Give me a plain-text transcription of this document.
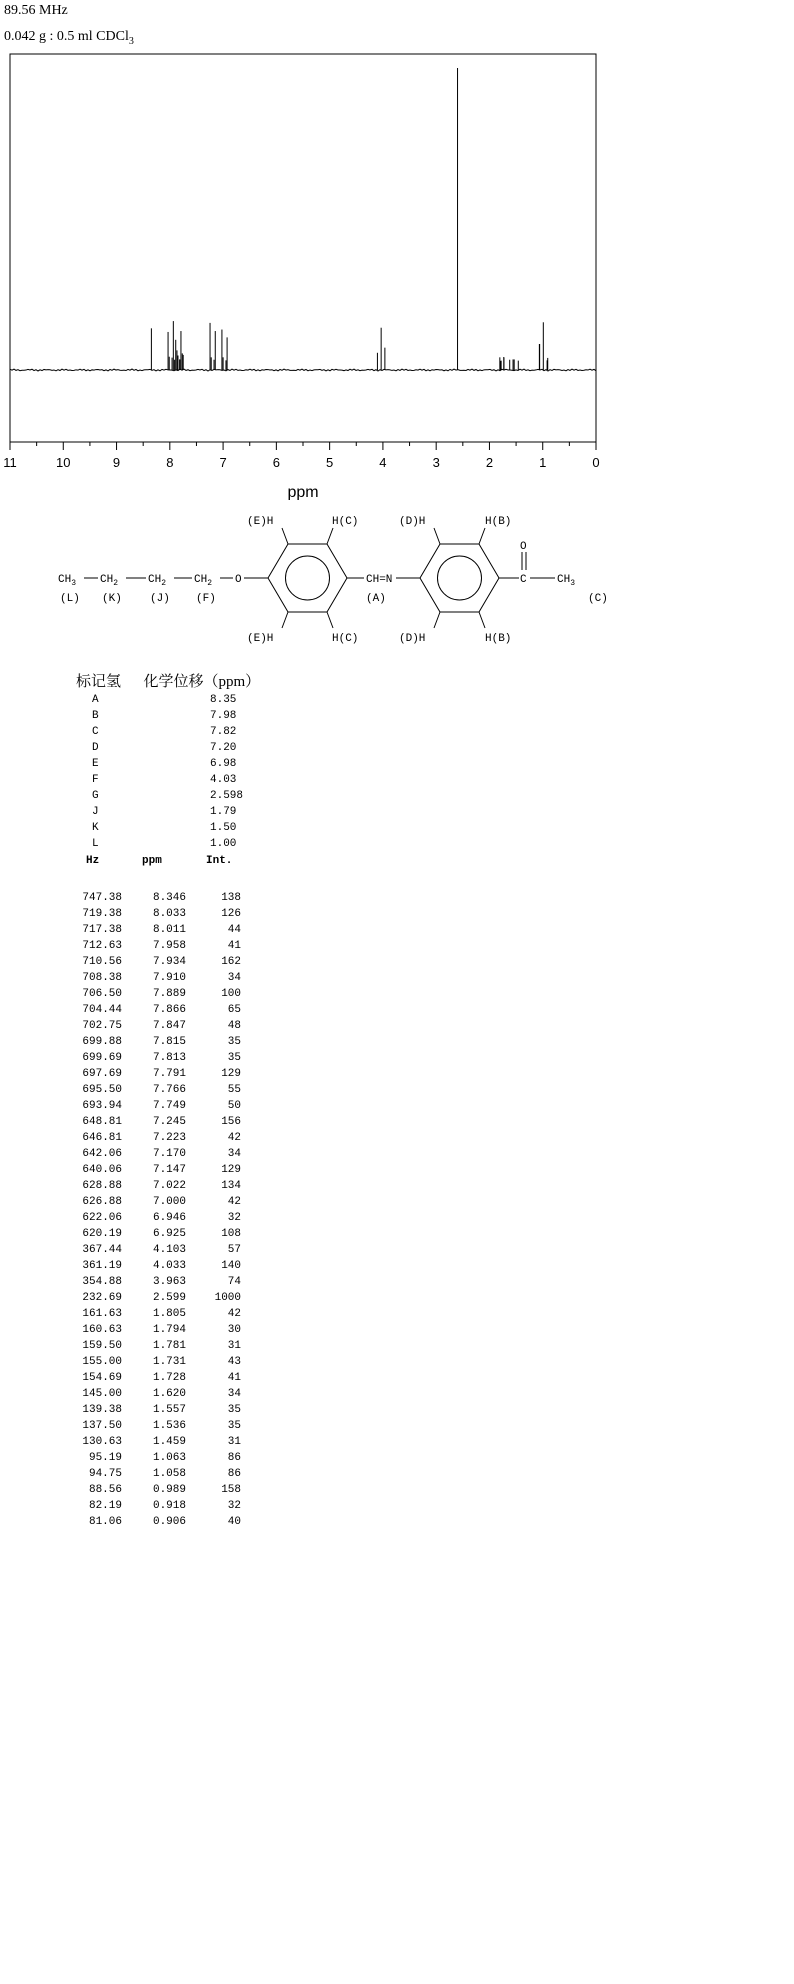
89.56 MHz
0.042 g : 0.5 ml CDCl$_3$
11	10	9	8	7	6	5	4	3	2	1	0
ppm
$CH_3$ $CH_2$	$CH_2$	$CH_2$ O
(L) (K)	(J) (F)
(E)H	H(C)
(E)H	H(C)
CH=N
(A)
(D)H	H(B)
(D)H	H(B)
C
O
$CH_3$
(C)
标记氢 化学位移（ppm）
A	8.35
B	7.98
C	7.82
D	7.20
E	6.98
F	4.03
G	2.598
J	1.79
K	1.50
L	1.00
Hz	ppm	Int.
747.38	8.346	138
719.38	8.033	126
717.38	8.011	44
712.63	7.958	41
710.56	7.934	162
708.38	7.910	34
706.50	7.889	100
704.44	7.866	65
702.75	7.847	48
699.88	7.815	35
699.69	7.813	35
697.69	7.791	129
695.50	7.766	55
693.94	7.749	50
648.81	7.245	156
646.81	7.223	42
642.06	7.170	34
640.06	7.147	129
628.88	7.022	134
626.88	7.000	42
622.06	6.946	32
620.19	6.925	108
367.44	4.103	57
361.19	4.033	140
354.88	3.963	74
232.69	2.599	1000
161.63	1.805	42
160.63	1.794	30
159.50	1.781	31
155.00	1.731	43
154.69	1.728	41
145.00	1.620	34
139.38	1.557	35
137.50	1.536	35
130.63	1.459	31
95.19	1.063	86
94.75	1.058	86
88.56	0.989	158
82.19	0.918	32
81.06	0.906	40
